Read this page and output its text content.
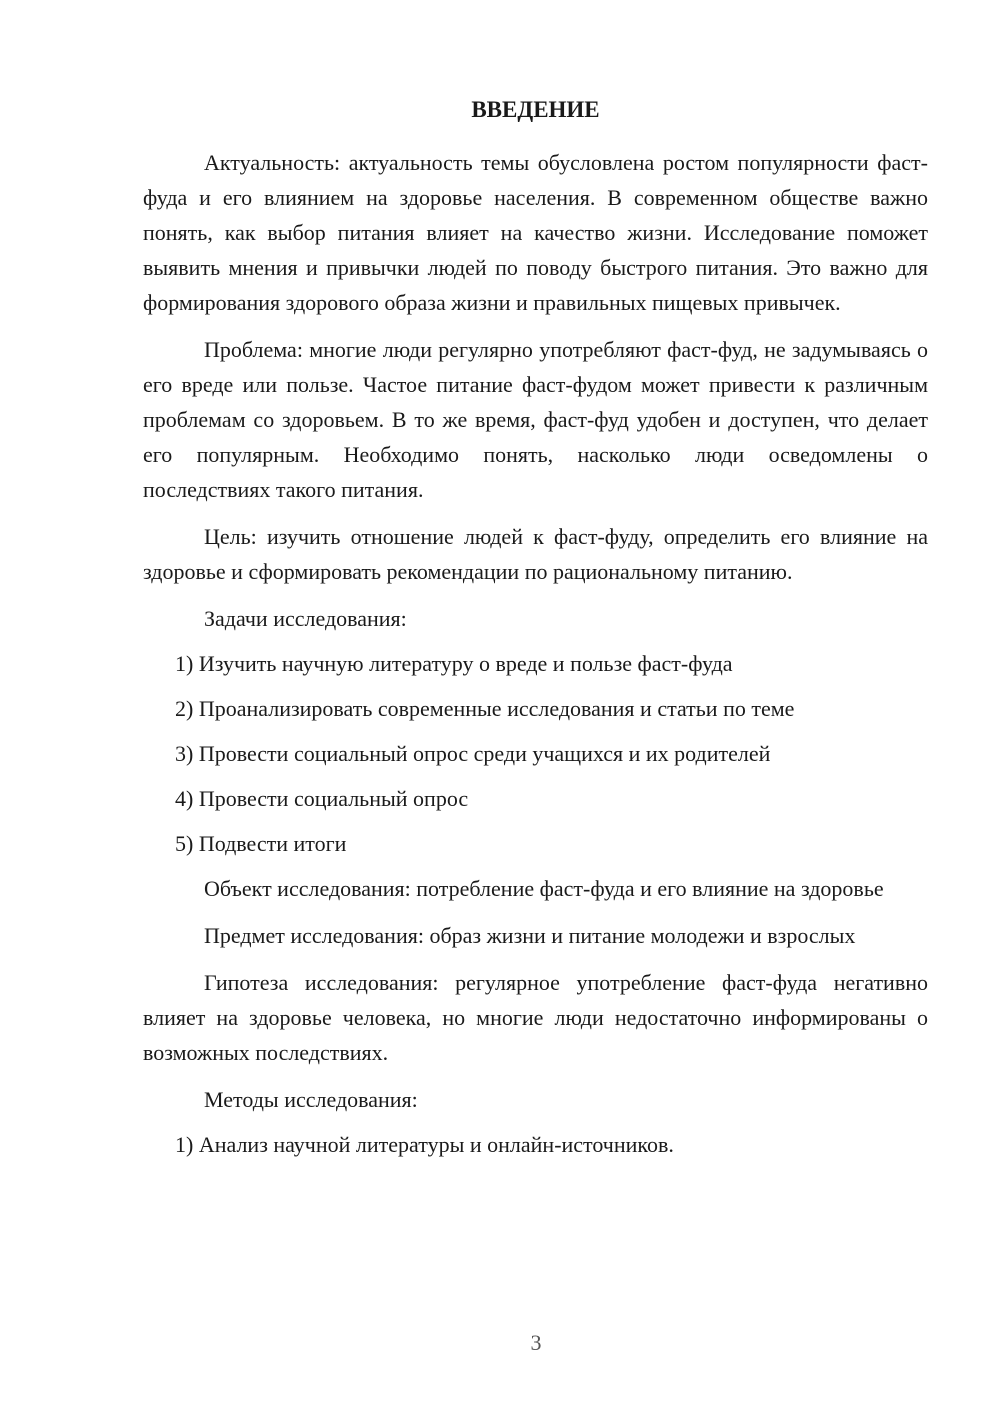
ВВЕДЕНИЕ

Актуальность: актуальность темы обусловлена ростом популярности фаст-фуда и его влиянием на здоровье населения. В современном обществе важно понять, как выбор питания влияет на качество жизни. Исследование поможет выявить мнения и привычки людей по поводу быстрого питания. Это важно для формирования здорового образа жизни и правильных пищевых привычек.

Проблема: многие люди регулярно употребляют фаст-фуд, не задумываясь о его вреде или пользе. Частое питание фаст-фудом может привести к различным проблемам со здоровьем. В то же время, фаст-фуд удобен и доступен, что делает его популярным. Необходимо понять, насколько люди осведомлены о последствиях такого питания.

Цель: изучить отношение людей к фаст-фуду, определить его влияние на здоровье и сформировать рекомендации по рациональному питанию.

Задачи исследования:

1) Изучить научную литературу о вреде и пользе фаст-фуда
2) Проанализировать современные исследования и статьи по теме
3) Провести социальный опрос среди учащихся и их родителей
4) Провести социальный опрос
5) Подвести итоги

Объект исследования: потребление фаст-фуда и его влияние на здоровье

Предмет исследования: образ жизни и питание молодежи и взрослых

Гипотеза исследования: регулярное употребление фаст-фуда негативно влияет на здоровье человека, но многие люди недостаточно информированы о возможных последствиях.

Методы исследования:

1) Анализ научной литературы и онлайн-источников.
3
